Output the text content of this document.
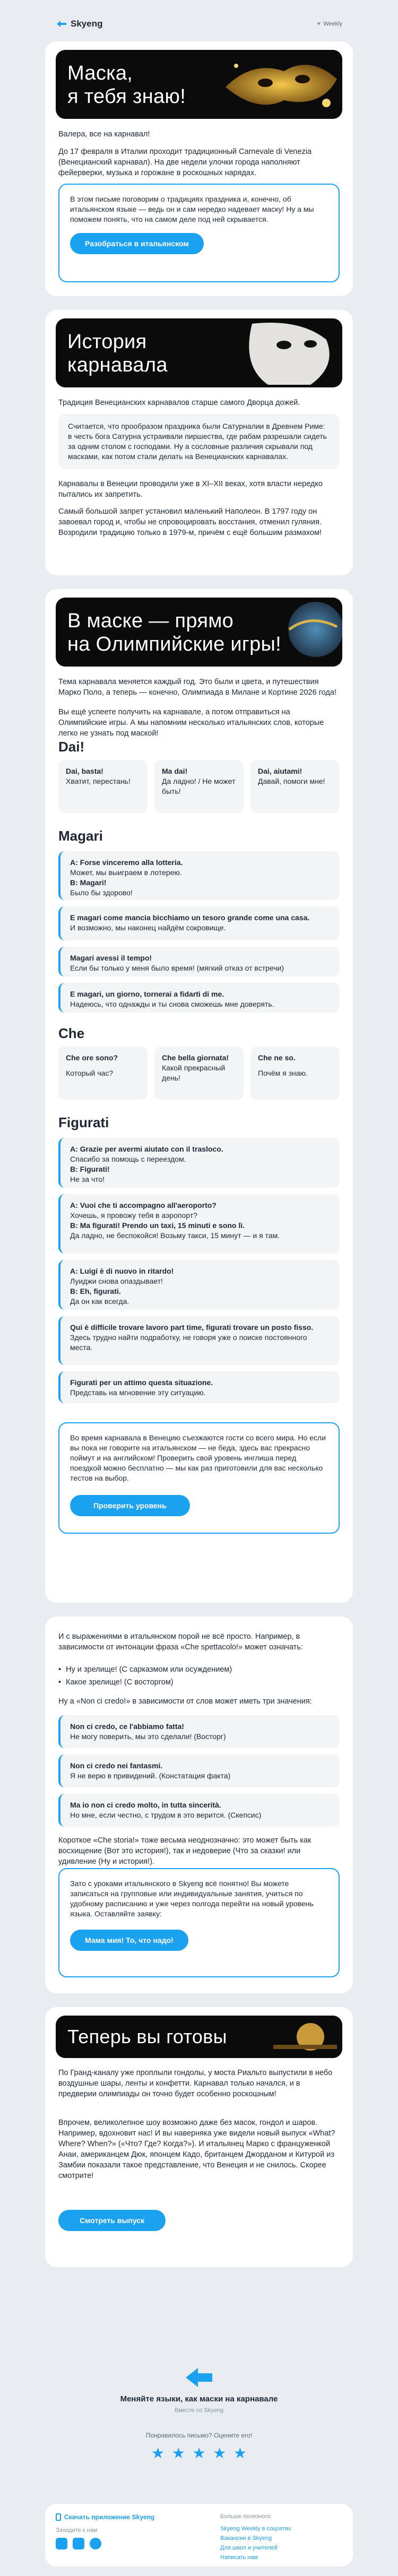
Skyeng	♥ Weekly
Маска,
я тебя знаю!

Валера, все на карнавал!

До 17 февраля в Италии проходит традиционный Carnevale di Venezia (Венецианский карнавал). На две недели улочки города наполняют фейерверки, музыка и горожане в роскошных нарядах.

В этом письме поговорим о традициях праздника и, конечно, об итальянском языке — ведь он и сам нередко надевает маску! Ну а мы поможем понять, что на самом деле под ней скрывается.

Разобраться в итальянском
История
карнавала

Традиция Венецианских карнавалов старше самого Дворца дожей.

Считается, что прообразом праздника были Сатурналии в Древнем Риме: в честь бога Сатурна устраивали пиршества, где рабам разрешали сидеть за одним столом с господами. Ну а сословные различия скрывали под масками, как потом стали делать на Венецианских карнавалах.

Карнавалы в Венеции проводили уже в XI–XII веках, хотя власти нередко пытались их запретить.

Самый большой запрет установил маленький Наполеон. В 1797 году он завоевал город и, чтобы не спровоцировать восстания, отменил гуляния. Возродили традицию только в 1979-м, причём с ещё большим размахом!

В маске — прямо
на Олимпийские игры!

Тема карнавала меняется каждый год. Это были и цвета, и путешествия Марко Поло, а теперь — конечно, Олимпиада в Милане и Кортине 2026 года!

Вы ещё успеете получить на карнавале, а потом отправиться на Олимпийские игры. А мы напомним несколько итальянских слов, которые легко не узнать под маской!

Dai!

Dai, basta!

Хватит, перестань!

Ma dai!

Да ладно! / Не может быть!

Dai, aiutami!

Давай, помоги мне!

Magari

A: Forse vinceremo alla lotteria.

Может, мы выиграем в лотерею.

B: Magari!

Было бы здорово!

E magari come mancia bicchiamo un tesoro grande come una casa.

И возможно, мы наконец найдём сокровище.

Magari avessi il tempo!

Если бы только у меня было время! (мягкий отказ от встречи)

E magari, un giorno, tornerai a fidarti di me.

Надеюсь, что однажды и ты снова сможешь мне доверять.

Che

Che ore sono?

Который час?

Che bella giornata!

Какой прекрасный день!

Che ne so.

Почём я знаю.

Figurati

A: Grazie per avermi aiutato con il trasloco.

Спасибо за помощь с переездом.

B: Figurati!

Не за что!

A: Vuoi che ti accompagno all'aeroporto?

Хочешь, я провожу тебя в аэропорт?

B: Ma figurati! Prendo un taxi, 15 minuti e sono lì.

Да ладно, не беспокойся! Возьму такси, 15 минут — и я там.

A: Luigi è di nuovo in ritardo!

Луиджи снова опаздывает!

B: Eh, figurati.

Да он как всегда.

Qui è difficile trovare lavoro part time, figurati trovare un posto fisso.

Здесь трудно найти подработку, не говоря уже о поиске постоянного места.

Figurati per un attimo questa situazione.

Представь на мгновение эту ситуацию.

Во время карнавала в Венецию съезжаются гости со всего мира. Но если вы пока не говорите на итальянском — не беда, здесь вас прекрасно поймут и на английском! Проверить свой уровень инглиша перед поездкой можно бесплатно — мы как раз приготовили для вас несколько тестов на выбор.

Проверить уровень

И с выражениями в итальянском порой не всё просто. Например, в зависимости от интонации фраза «Che spettacolo!» может означать:

• Ну и зрелище! (С сарказмом или осуждением)
• Какое зрелище! (С восторгом)

Ну а «Non ci credo!» в зависимости от слов может иметь три значения:

Non ci credo, ce l'abbiamo fatta!

Не могу поверить, мы это сделали! (Восторг)

Non ci credo nei fantasmi.

Я не верю в привидений. (Констатация факта)

Ma io non ci credo molto, in tutta sincerità.

Но мне, если честно, с трудом в это верится. (Скепсис)

Короткое «Che storia!» тоже весьма неоднозначно: это может быть как восхищение (Вот это история!), так и недоверие (Что за сказки! или удивление (Ну и история!).

Зато с уроками итальянского в Skyeng всё понятно! Вы можете записаться на групповые или индивидуальные занятия, учиться по удобному расписанию и уже через полгода перейти на новый уровень языка. Оставляйте заявку:

Мама мия! То, что надо!
Теперь вы готовы

По Гранд-каналу уже проплыли гондолы, у моста Риальто выпустили в небо воздушные шары, ленты и конфетти. Карнавал только начался, и в предверии олимпиады он точно будет особенно роскошным!

Впрочем, великолепное шоу возможно даже без масок, гондол и шаров. Например, вдохновит нас! И вы наверняка уже видели новый выпуск «What? Where? When?» («Что? Где? Когда?»). И итальянец Марко с француженкой Анаи, американцем Дюк, японцем Кадо, британцем Джорданом и Китурой из Замбии показали такое представление, что Венеция и не снилось. Скорее смотрите!

Смотреть выпуск

Меняйте языки, как маски на карнавале

Вместе со Skyeng

Понравилось письмо? Оцените его!

★ ★ ★ ★ ★
Скачать приложение Skyeng

Заходите к нам

Больше полезного:

Skyeng Weekly в соцсетях
Вакансии в Skyeng
Для школ и учителей
Написать нам
